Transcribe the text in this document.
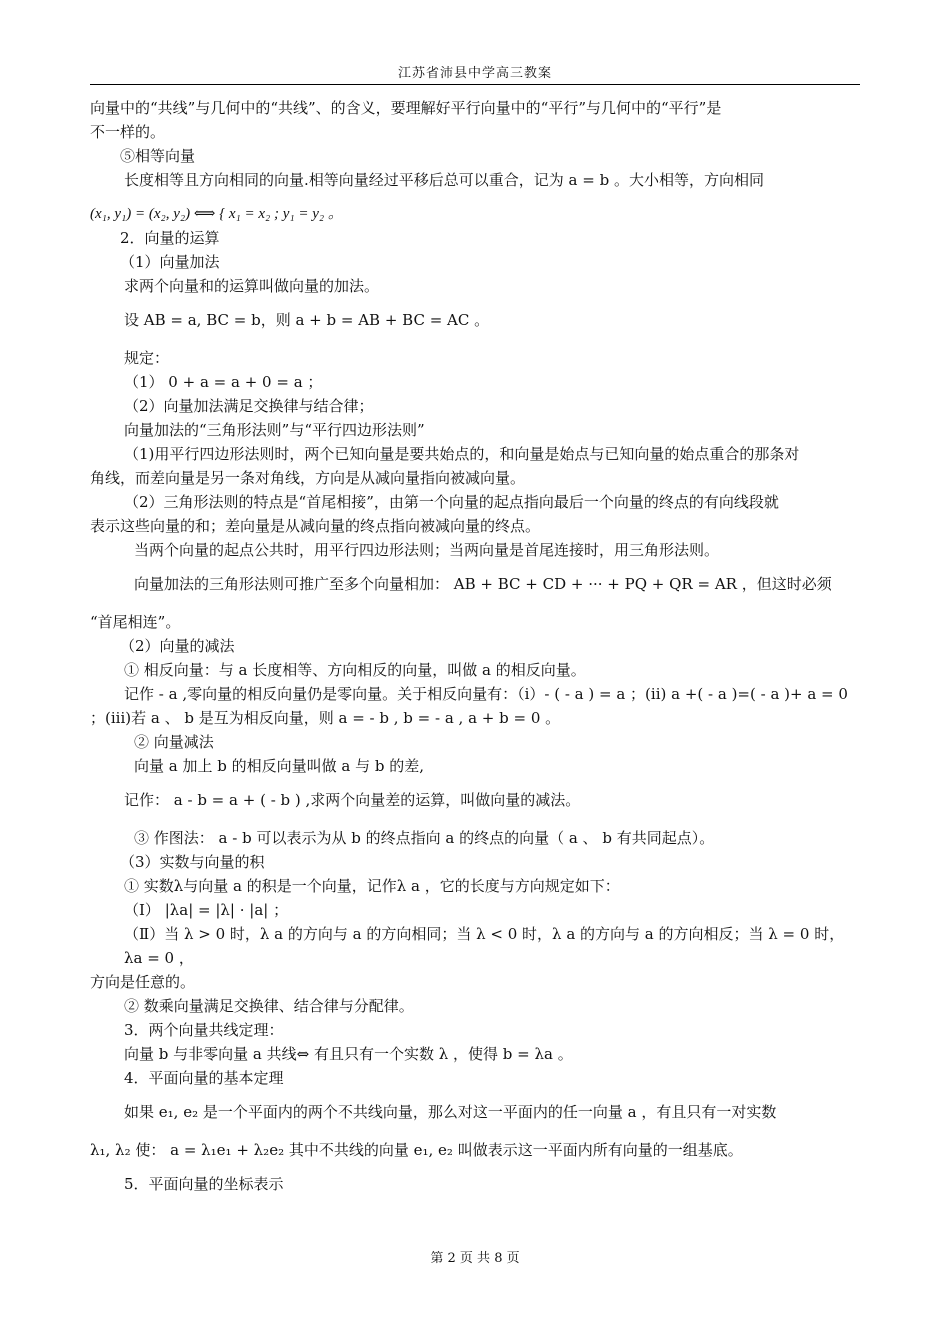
江苏省沛县中学高三教案

向量中的“共线”与几何中的“共线”、的含义，要理解好平行向量中的“平行”与几何中的“平行”是

不一样的。

⑤相等向量

长度相等且方向相同的向量.相等向量经过平移后总可以重合，记为 a = b 。大小相等，方向相同

(x₁, y₁) = (x₂, y₂) ⟺ { x₁ = x₂ ; y₁ = y₂ 。

2．向量的运算

（1）向量加法

求两个向量和的运算叫做向量的加法。

设 AB = a, BC = b，则 a + b = AB + BC = AC 。

规定：

（1） 0 + a = a + 0 = a ；

（2）向量加法满足交换律与结合律；

向量加法的“三角形法则”与“平行四边形法则”

（1)用平行四边形法则时，两个已知向量是要共始点的，和向量是始点与已知向量的始点重合的那条对

角线，而差向量是另一条对角线，方向是从减向量指向被减向量。

（2）三角形法则的特点是“首尾相接”，由第一个向量的起点指向最后一个向量的终点的有向线段就

表示这些向量的和；差向量是从减向量的终点指向被减向量的终点。

当两个向量的起点公共时，用平行四边形法则；当两向量是首尾连接时，用三角形法则。

向量加法的三角形法则可推广至多个向量相加： AB + BC + CD + ··· + PQ + QR = AR ，但这时必须

“首尾相连”。

（2）向量的减法

① 相反向量：与 a 长度相等、方向相反的向量，叫做 a 的相反向量。

记作 - a ,零向量的相反向量仍是零向量。关于相反向量有：（i）- ( - a ) = a ；(ii) a +( - a )=( - a )+ a = 0

；(iii)若 a 、 b 是互为相反向量，则 a = - b , b = - a , a + b = 0 。

② 向量减法

向量 a 加上 b 的相反向量叫做 a 与 b 的差,

记作： a - b = a + ( - b ) ,求两个向量差的运算，叫做向量的减法。

③ 作图法： a - b 可以表示为从 b 的终点指向 a 的终点的向量（ a 、 b 有共同起点）。

（3）实数与向量的积

① 实数λ与向量 a 的积是一个向量，记作λ a ，它的长度与方向规定如下：

（Ⅰ） |λa| = |λ| · |a| ；

（Ⅱ）当 λ > 0 时，λ a 的方向与 a 的方向相同；当 λ < 0 时，λ a 的方向与 a 的方向相反；当 λ = 0 时， λa = 0 ，

方向是任意的。

② 数乘向量满足交换律、结合律与分配律。

3．两个向量共线定理：

向量 b 与非零向量 a 共线⇔ 有且只有一个实数 λ ，使得 b = λa 。

4．平面向量的基本定理

如果 e₁, e₂ 是一个平面内的两个不共线向量，那么对这一平面内的任一向量 a ，有且只有一对实数

λ₁, λ₂ 使： a = λ₁e₁ + λ₂e₂ 其中不共线的向量 e₁, e₂ 叫做表示这一平面内所有向量的一组基底。

5．平面向量的坐标表示

第 2 页 共 8 页
